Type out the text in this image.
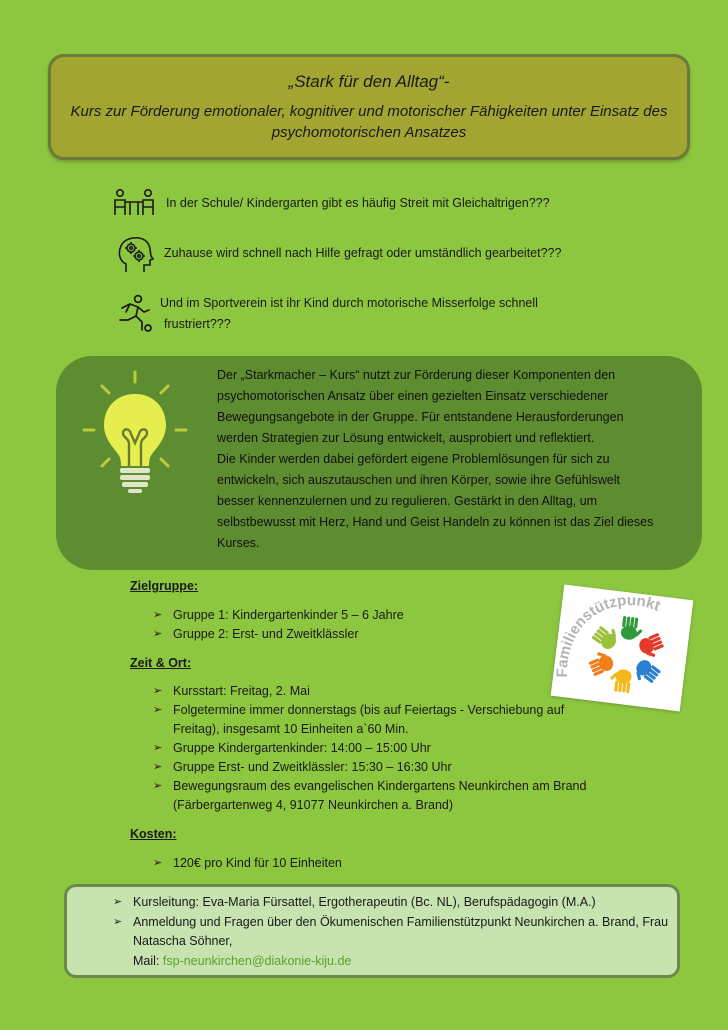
„Stark für den Alltag“-
Kurs zur Förderung emotionaler, kognitiver und motorischer Fähigkeiten unter Einsatz des psychomotorischen Ansatzes
In der Schule/ Kindergarten gibt es häufig Streit mit Gleichaltrigen???
Zuhause wird schnell nach Hilfe gefragt oder umständlich gearbeitet???
Und im Sportverein ist ihr Kind durch motorische Misserfolge schnell
frustriert???
Der „Starkmacher – Kurs“ nutzt zur Förderung dieser Komponenten den psychomotorischen Ansatz über einen gezielten Einsatz verschiedener Bewegungsangebote in der Gruppe. Für entstandene Herausforderungen werden Strategien zur Lösung entwickelt, ausprobiert und reflektiert.
Die Kinder werden dabei gefördert eigene Problemlösungen für sich zu entwickeln, sich auszutauschen und ihren Körper, sowie ihre Gefühlswelt besser kennenzulernen und zu regulieren. Gestärkt in den Alltag, um selbstbewusst mit Herz, Hand und Geist Handeln zu können ist das Ziel dieses Kurses.
Zielgruppe:
➢ Gruppe 1: Kindergartenkinder 5 – 6 Jahre
➢ Gruppe 2: Erst- und Zweitklässler
Zeit & Ort:
➢ Kursstart: Freitag, 2. Mai
➢ Folgetermine immer donnerstags (bis auf Feiertags - Verschiebung auf Freitag), insgesamt 10 Einheiten a`60 Min.
➢ Gruppe Kindergartenkinder: 14:00 – 15:00 Uhr
➢ Gruppe Erst- und Zweitklässler: 15:30 – 16:30 Uhr
➢ Bewegungsraum des evangelischen Kindergartens Neunkirchen am Brand (Färbergartenweg 4, 91077 Neunkirchen a. Brand)
Kosten:
➢ 120€ pro Kind für 10 Einheiten
Familienstützpunkt
➢ Kursleitung: Eva-Maria Fürsattel, Ergotherapeutin (Bc. NL), Berufspädagogin (M.A.)
➢ Anmeldung und Fragen über den Ökumenischen Familienstützpunkt Neunkirchen a. Brand, Frau Natascha Söhner,
Mail: fsp-neunkirchen@diakonie-kiju.de
